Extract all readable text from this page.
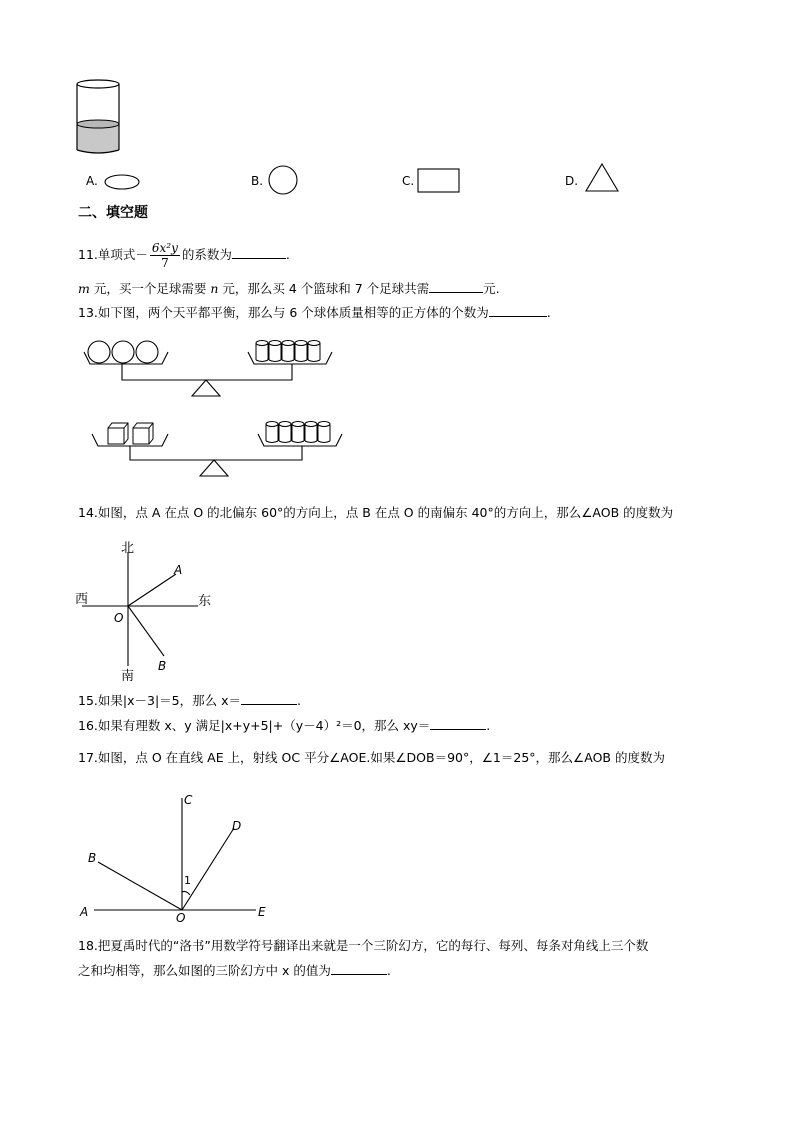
A.	B.	C.	D.
二、填空题
11.单项式－ $\frac{\text{6x²y}}{7}$ 的系数为	.
m 元，买一个足球需要 n 元，那么买 4 个篮球和 7 个足球共需	元.
13.如下图，两个天平都平衡，那么与 6 个球体质量相等的正方体的个数为	.
14.如图，点 A 在点 O 的北偏东 60°的方向上，点 B 在点 O 的南偏东 40°的方向上，那么∠AOB 的度数为
北
南
西	东
A
B
O
15.如果|x－3|＝5，那么 x＝	.
16.如果有理数 x、y 满足|x+y+5|+（y－4）²＝0，那么 xy＝	.
17.如图，点 O 在直线 AE 上，射线 OC 平分∠AOE.如果∠DOB＝90°，∠1＝25°，那么∠AOB 的度数为
A
B
C
D
E
O
1
18.把夏禹时代的“洛书”用数学符号翻译出来就是一个三阶幻方，它的每行、每列、每条对角线上三个数
之和均相等，那么如图的三阶幻方中 x 的值为	.
